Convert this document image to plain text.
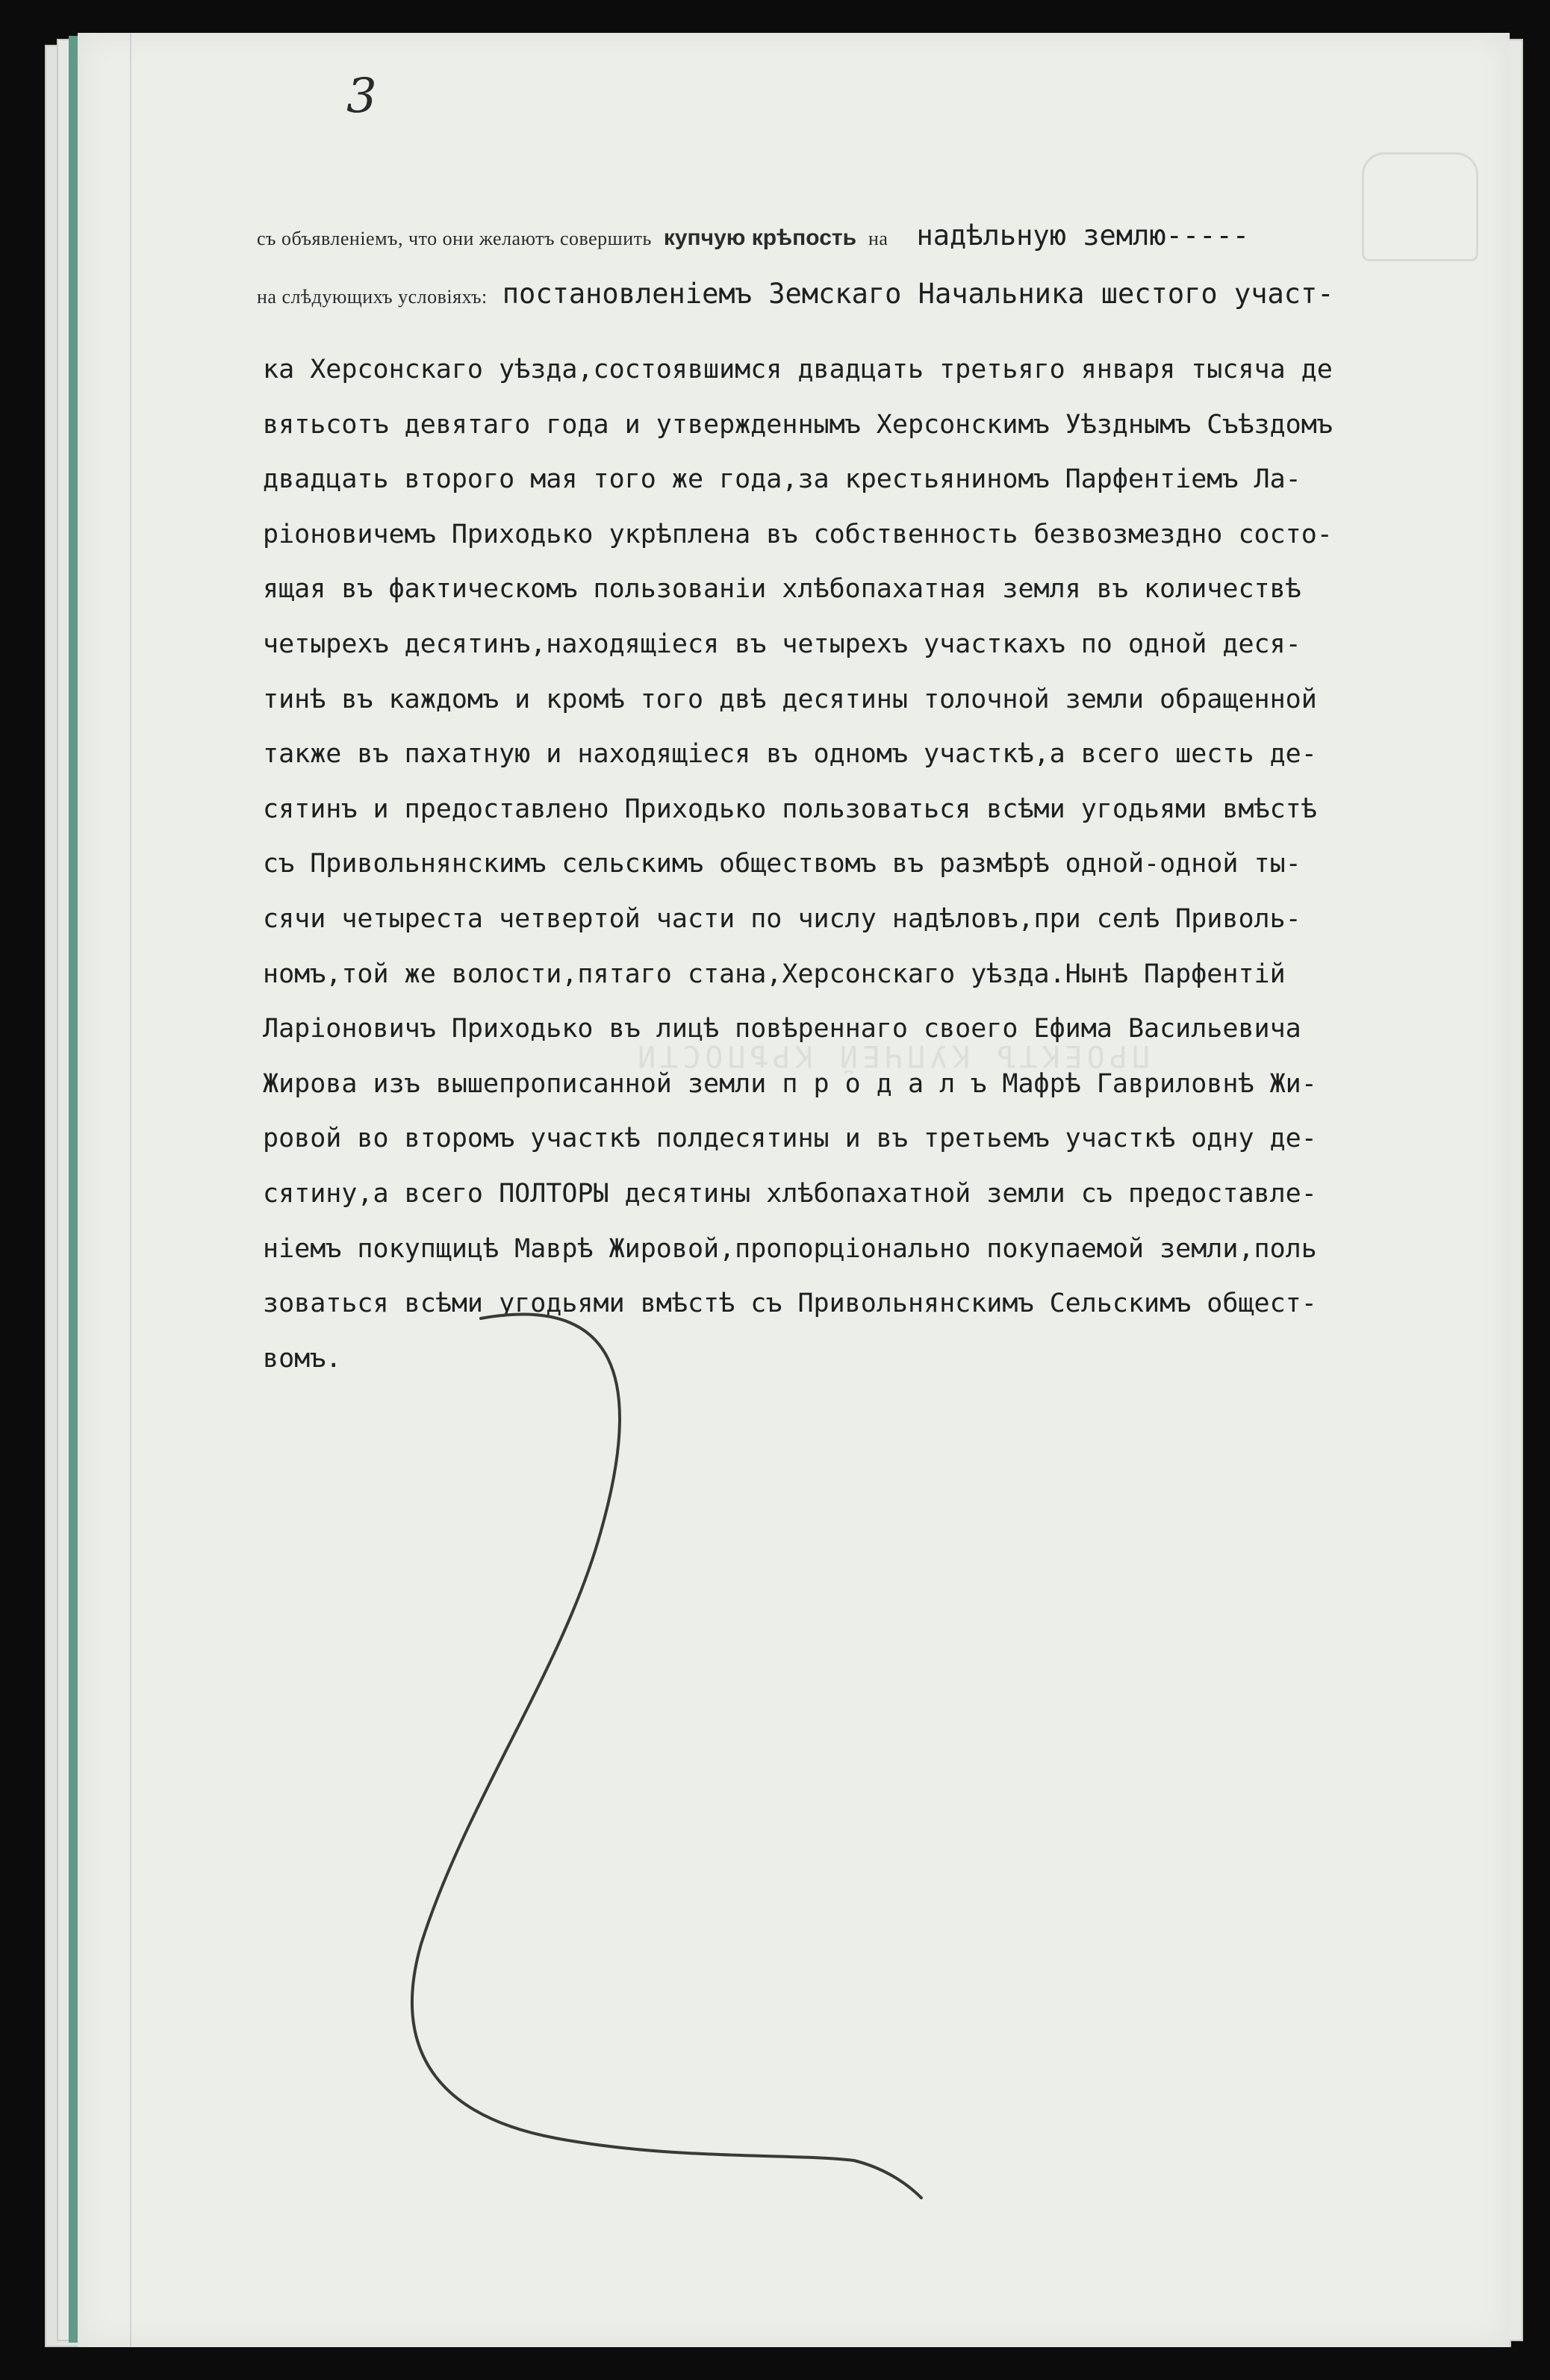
3
ПРОЕКТЪ КУПЧЕЙ КРѢПОСТИ
съ объявленіемъ, что они желаютъ совершить купчую крѣпость на надѣльную землю-----
на слѣдующихъ условіяхъ: постановленіемъ Земскаго Начальника шестого участ-
ка Херсонскаго уѣзда,состоявшимся двадцать третьяго января тысяча де
вятьсотъ девятаго года и утвержденнымъ Херсонскимъ Уѣзднымъ Съѣздомъ
двадцать второго мая того же года,за крестьяниномъ Парфентіемъ Ла-
ріоновичемъ Приходько укрѣплена въ собственность безвозмездно состо-
ящая въ фактическомъ пользованіи хлѣбопахатная земля въ количествѣ
четырехъ десятинъ,находящіеся въ четырехъ участкахъ по одной деся-
тинѣ въ каждомъ и кромѣ того двѣ десятины толочной земли обращенной
также въ пахатную и находящіеся въ одномъ участкѣ,а всего шесть де-
сятинъ и предоставлено Приходько пользоваться всѣми угодьями вмѣстѣ
съ Привольнянскимъ сельскимъ обществомъ въ размѣрѣ одной-одной ты-
сячи четыреста четвертой части по числу надѣловъ,при селѣ Приволь-
номъ,той же волости,пятаго стана,Херсонскаго уѣзда.Нынѣ Парфентій
Ларіоновичъ Приходько въ лицѣ повѣреннаго своего Ефима Васильевича
Жирова изъ вышепрописанной земли п р о д а л ъ Мафрѣ Гавриловнѣ Жи-
ровой во второмъ участкѣ полдесятины и въ третьемъ участкѣ одну де-
сятину,а всего ПОЛТОРЫ десятины хлѣбопахатной земли съ предоставле-
ніемъ покупщицѣ Маврѣ Жировой,пропорціонально покупаемой земли,поль
зоваться всѣми угодьями вмѣстѣ съ Привольнянскимъ Сельскимъ общест-
вомъ.
